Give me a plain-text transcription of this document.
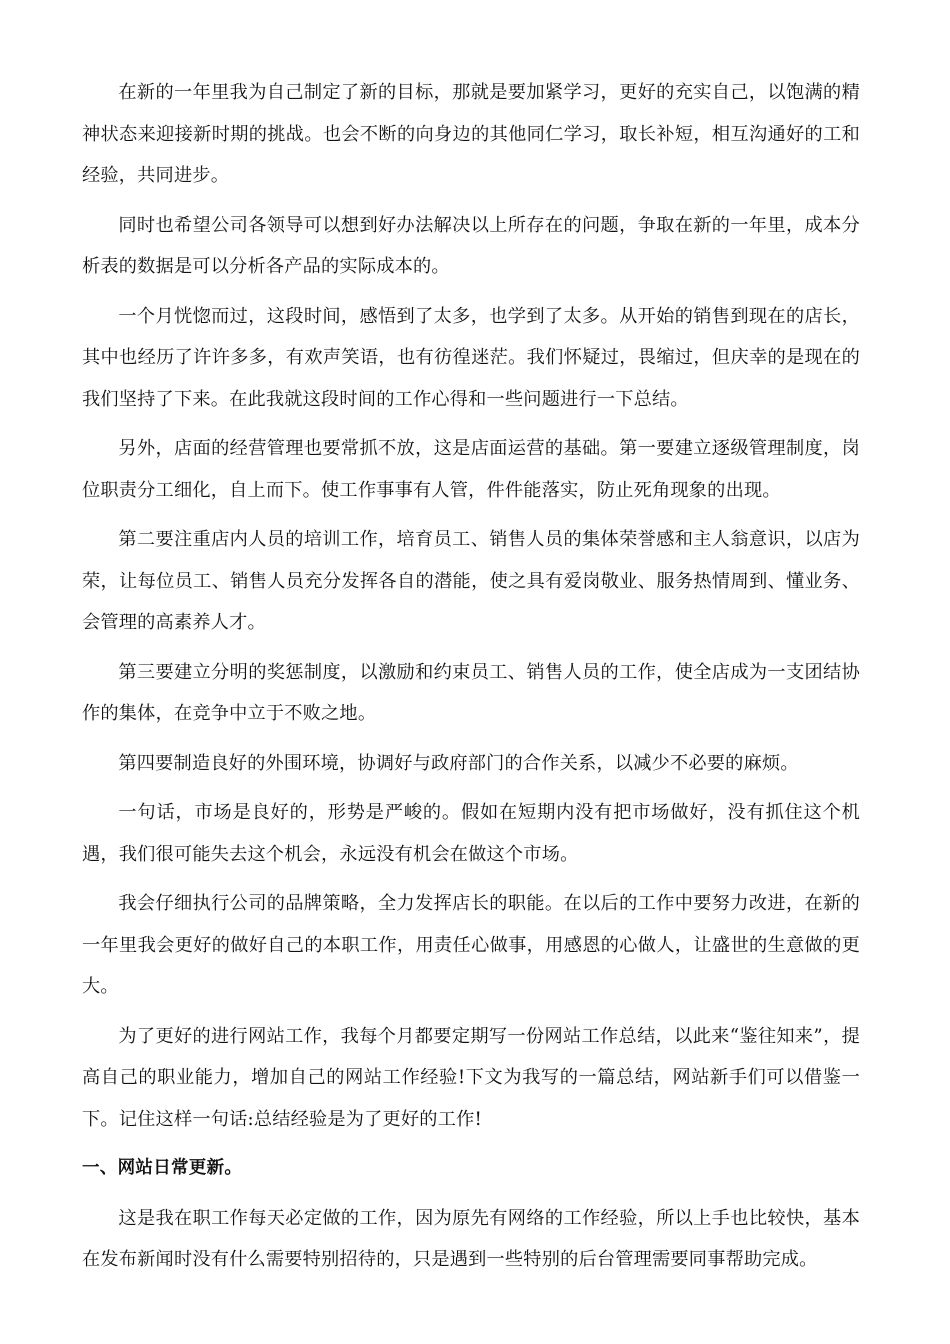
在新的一年里我为自己制定了新的目标，那就是要加紧学习，更好的充实自己，以饱满的精神状态来迎接新时期的挑战。也会不断的向身边的其他同仁学习，取长补短，相互沟通好的工和经验，共同进步。

同时也希望公司各领导可以想到好办法解决以上所存在的问题，争取在新的一年里，成本分析表的数据是可以分析各产品的实际成本的。

一个月恍惚而过，这段时间，感悟到了太多，也学到了太多。从开始的销售到现在的店长，其中也经历了许许多多，有欢声笑语，也有彷徨迷茫。我们怀疑过，畏缩过，但庆幸的是现在的我们坚持了下来。在此我就这段时间的工作心得和一些问题进行一下总结。

另外，店面的经营管理也要常抓不放，这是店面运营的基础。第一要建立逐级管理制度，岗位职责分工细化，自上而下。使工作事事有人管，件件能落实，防止死角现象的出现。

第二要注重店内人员的培训工作，培育员工、销售人员的集体荣誉感和主人翁意识，以店为荣，让每位员工、销售人员充分发挥各自的潜能，使之具有爱岗敬业、服务热情周到、懂业务、会管理的高素养人才。

第三要建立分明的奖惩制度，以激励和约束员工、销售人员的工作，使全店成为一支团结协作的集体，在竞争中立于不败之地。

第四要制造良好的外围环境，协调好与政府部门的合作关系，以减少不必要的麻烦。

一句话，市场是良好的，形势是严峻的。假如在短期内没有把市场做好，没有抓住这个机遇，我们很可能失去这个机会，永远没有机会在做这个市场。

我会仔细执行公司的品牌策略，全力发挥店长的职能。在以后的工作中要努力改进，在新的一年里我会更好的做好自己的本职工作，用责任心做事，用感恩的心做人，让盛世的生意做的更大。

为了更好的进行网站工作，我每个月都要定期写一份网站工作总结，以此来“鉴往知来”，提高自己的职业能力，增加自己的网站工作经验!下文为我写的一篇总结，网站新手们可以借鉴一下。记住这样一句话:总结经验是为了更好的工作!

一、网站日常更新。

这是我在职工作每天必定做的工作，因为原先有网络的工作经验，所以上手也比较快，基本在发布新闻时没有什么需要特别招待的，只是遇到一些特别的后台管理需要同事帮助完成。
